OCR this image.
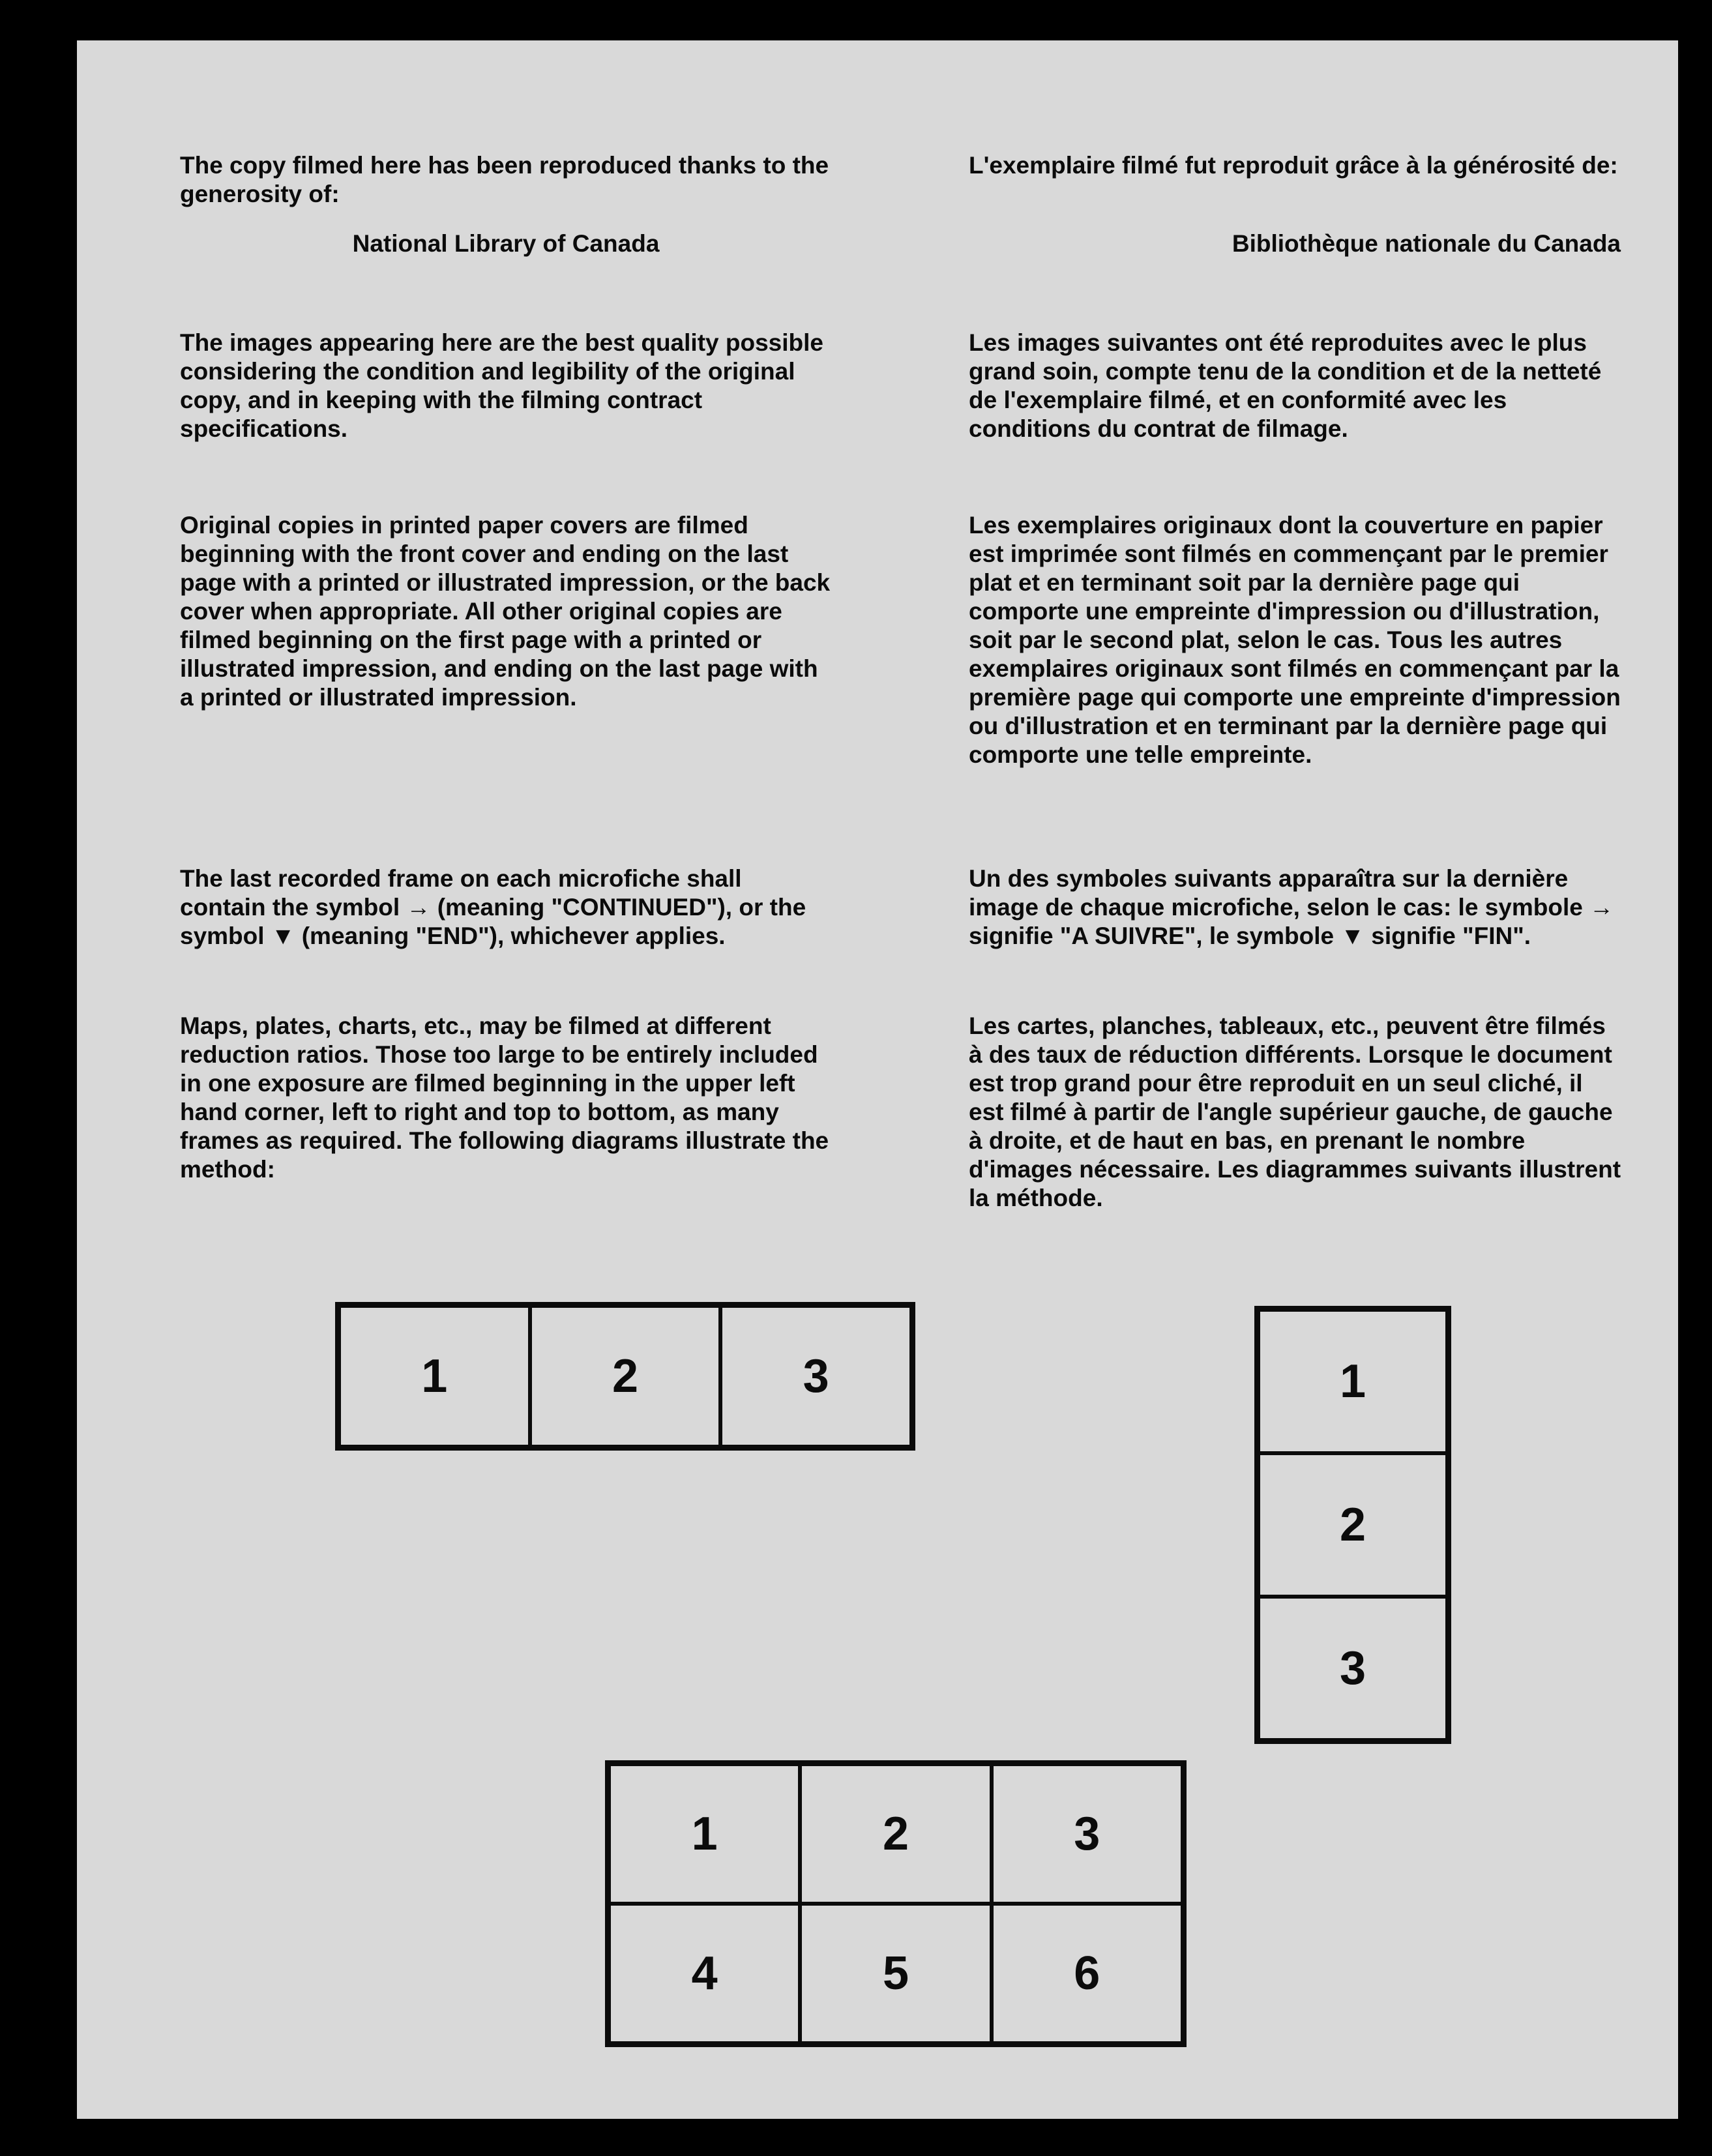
The copy filmed here has been reproduced thanks to the generosity of:

National Library of Canada

The images appearing here are the best quality possible considering the condition and legibility of the original copy, and in keeping with the filming contract specifications.

Original copies in printed paper covers are filmed beginning with the front cover and ending on the last page with a printed or illustrated impression, or the back cover when appropriate. All other original copies are filmed beginning on the first page with a printed or illustrated impression, and ending on the last page with a printed or illustrated impression.

The last recorded frame on each microfiche shall contain the symbol → (meaning "CONTINUED"), or the symbol ▼ (meaning "END"), whichever applies.

Maps, plates, charts, etc., may be filmed at different reduction ratios. Those too large to be entirely included in one exposure are filmed beginning in the upper left hand corner, left to right and top to bottom, as many frames as required. The following diagrams illustrate the method:

L'exemplaire filmé fut reproduit grâce à la générosité de:

Bibliothèque nationale du Canada

Les images suivantes ont été reproduites avec le plus grand soin, compte tenu de la condition et de la netteté de l'exemplaire filmé, et en conformité avec les conditions du contrat de filmage.

Les exemplaires originaux dont la couverture en papier est imprimée sont filmés en commençant par le premier plat et en terminant soit par la dernière page qui comporte une empreinte d'impression ou d'illustration, soit par le second plat, selon le cas. Tous les autres exemplaires originaux sont filmés en commençant par la première page qui comporte une empreinte d'impression ou d'illustration et en terminant par la dernière page qui comporte une telle empreinte.

Un des symboles suivants apparaîtra sur la dernière image de chaque microfiche, selon le cas: le symbole → signifie "A SUIVRE", le symbole ▼ signifie "FIN".

Les cartes, planches, tableaux, etc., peuvent être filmés à des taux de réduction différents. Lorsque le document est trop grand pour être reproduit en un seul cliché, il est filmé à partir de l'angle supérieur gauche, de gauche à droite, et de haut en bas, en prenant le nombre d'images nécessaire. Les diagrammes suivants illustrent la méthode.

1	2	3	1
2
3
1	2	3
4	5	6
